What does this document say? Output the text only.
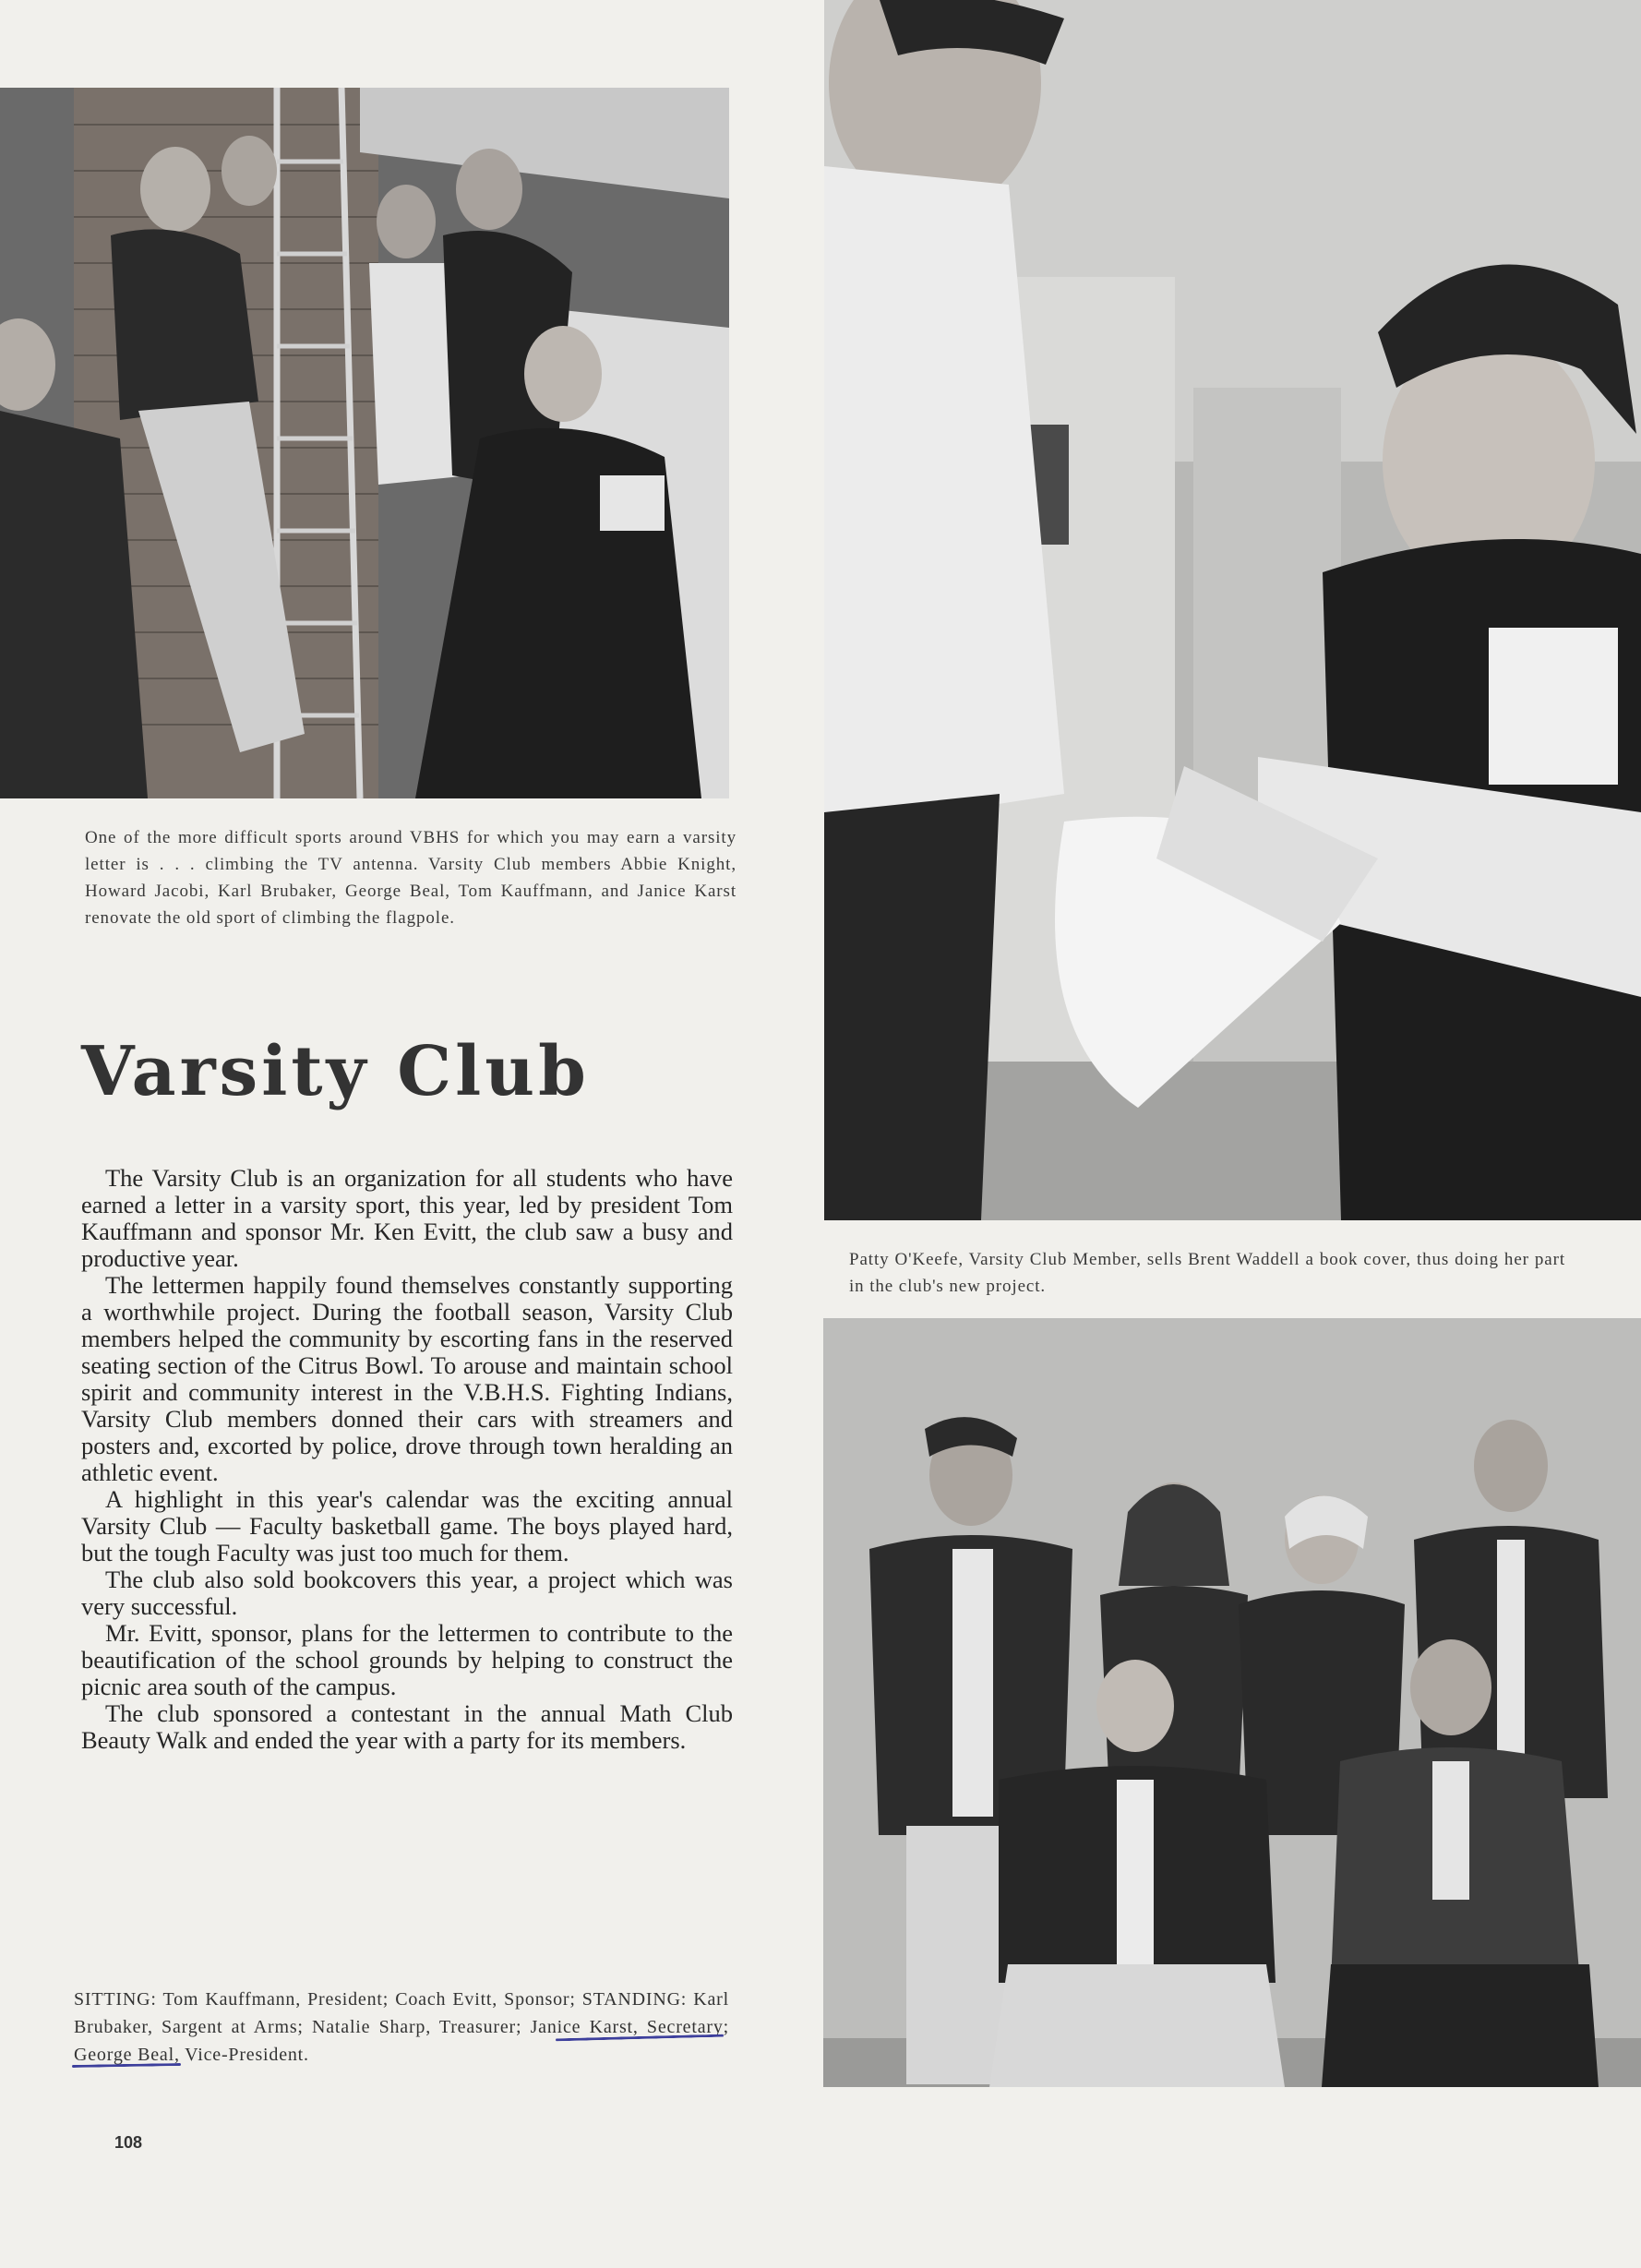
One of the more difficult sports around VBHS for which you may earn a varsity letter is . . . climbing the TV antenna. Varsity Club members Abbie Knight, Howard Jacobi, Karl Brubaker, George Beal, Tom Kauffmann, and Janice Karst renovate the old sport of climbing the flagpole.

Patty O'Keefe, Varsity Club Member, sells Brent Waddell a book cover, thus doing her part in the club's new project.

Varsity Club

The Varsity Club is an organization for all students who have earned a letter in a varsity sport, this year, led by president Tom Kauffmann and sponsor Mr. Ken Evitt, the club saw a busy and productive year.

The lettermen happily found themselves constantly supporting a worthwhile project. During the football season, Varsity Club members helped the community by escorting fans in the reserved seating section of the Citrus Bowl. To arouse and maintain school spirit and community interest in the V.B.H.S. Fighting Indians, Varsity Club members donned their cars with streamers and posters and, excorted by police, drove through town heralding an athletic event.

A highlight in this year's calendar was the exciting annual Varsity Club — Faculty basketball game. The boys played hard, but the tough Faculty was just too much for them.

The club also sold bookcovers this year, a project which was very successful.

Mr. Evitt, sponsor, plans for the lettermen to contribute to the beautification of the school grounds by helping to construct the picnic area south of the campus.

The club sponsored a contestant in the annual Math Club Beauty Walk and ended the year with a party for its members.

SITTING: Tom Kauffmann, President; Coach Evitt, Sponsor; STANDING: Karl Brubaker, Sargent at Arms; Natalie Sharp, Treasurer; Janice Karst, Secretary; George Beal, Vice-President.

108
